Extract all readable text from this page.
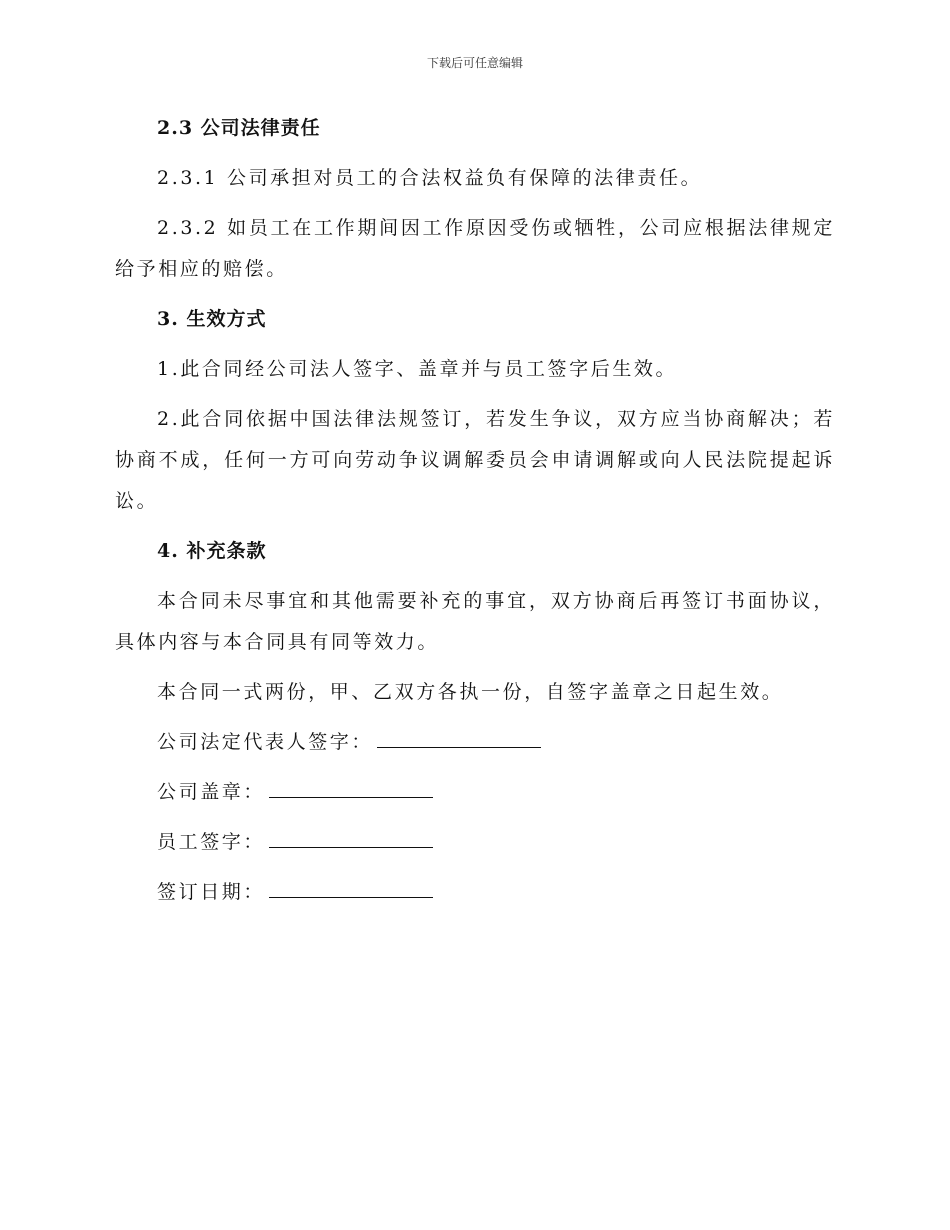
下载后可任意编辑
2.3 公司法律责任
2.3.1 公司承担对员工的合法权益负有保障的法律责任。
2.3.2 如员工在工作期间因工作原因受伤或牺牲，公司应根据法律规定给予相应的赔偿。
3. 生效方式
1.此合同经公司法人签字、盖章并与员工签字后生效。
2.此合同依据中国法律法规签订，若发生争议，双方应当协商解决；若协商不成，任何一方可向劳动争议调解委员会申请调解或向人民法院提起诉讼。
4. 补充条款
本合同未尽事宜和其他需要补充的事宜，双方协商后再签订书面协议，具体内容与本合同具有同等效力。
本合同一式两份，甲、乙双方各执一份，自签字盖章之日起生效。
公司法定代表人签字：
公司盖章：
员工签字：
签订日期：
